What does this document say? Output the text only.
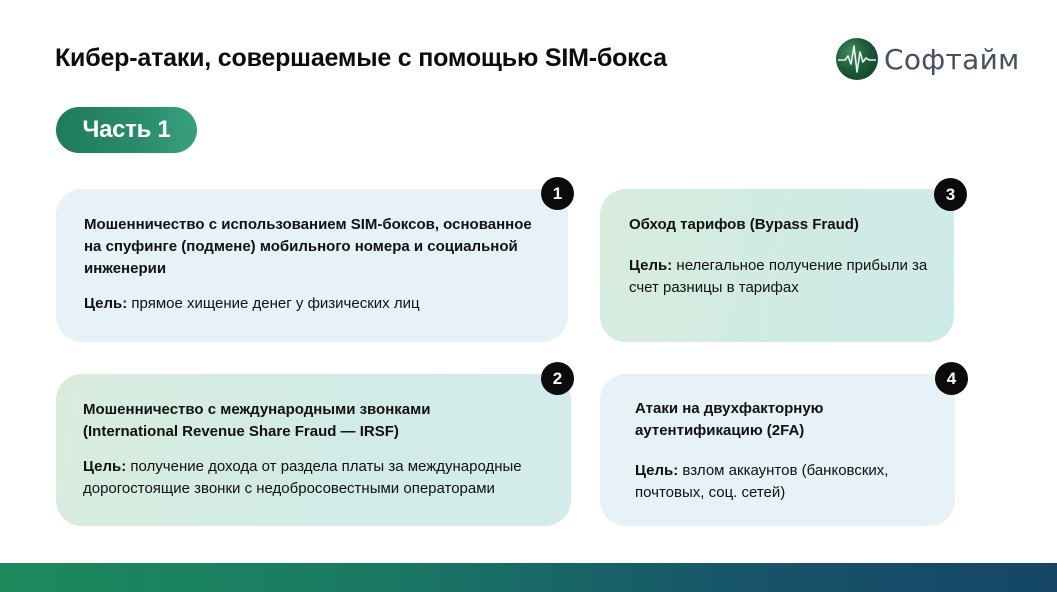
Кибер-атаки, совершаемые с помощью SIM-бокса	Софтайм
Часть 1
Мошенничество с использованием SIM-боксов, основанное на спуфинге (подмене) мобильного номера и социальной инженерии
Цель: прямое хищение денег у физических лиц
1
Мошенничество с международными звонками (International Revenue Share Fraud — IRSF)
Цель: получение дохода от раздела платы за международные дорогостоящие звонки с недобросовестными операторами
2
Обход тарифов (Bypass Fraud)
Цель: нелегальное получение прибыли за счет разницы в тарифах
3
Атаки на двухфакторную аутентификацию (2FA)
Цель: взлом аккаунтов (банковских, почтовых, соц. сетей)
4
